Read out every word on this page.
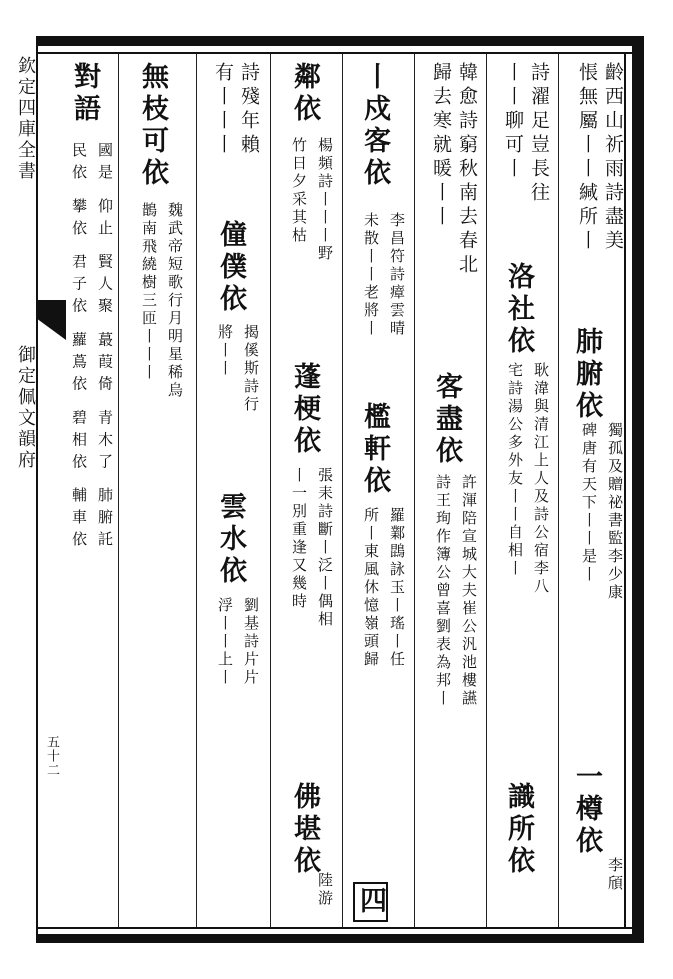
欽定四庫全書
御定佩文韻府
五十二
齡西山祈雨詩盡美
悵無屬丨丨緘所丨
肺腑依
獨孤及贈祕書監李少康
碑唐有天下丨丨是丨
一樽依
李頎
詩濯足豈長往
丨丨聊可丨
洛社依
耿湋與清江上人及詩公宿李八
宅詩湯公多外友丨丨自相丨
識所依
韓愈詩窮秋南去春北
歸去寒就暖丨丨
客盡依
許渾陪宣城大夫崔公汎池樓讌
詩王珣作簿公曾喜劉表為邦丨
丨戍客依
李昌符詩瘴雲晴
未散丨丨老將丨
檻軒依
羅鄴鵾詠玉丨瑤丨任
所丨東風休憶嶺頭歸
四
鄰依
楊頻詩丨丨丨野
竹日夕采其枯
蓬梗依
張耒詩斷丨泛丨偶相
丨一別重逢又幾時
佛堪依
陸游
詩殘年賴
有丨丨丨
僮僕依
揭傒斯詩行
將丨丨
雲水依
劉基詩片片
浮丨丨上丨
無枝可依
魏武帝短歌行月明星稀烏
鵲南飛繞樹三匝丨丨丨
對語
國是 仰止 賢人聚 蕞葭倚 青木了 肺腑託
民依 攀依 君子依 蘿蔦依 碧相依 輔車依
